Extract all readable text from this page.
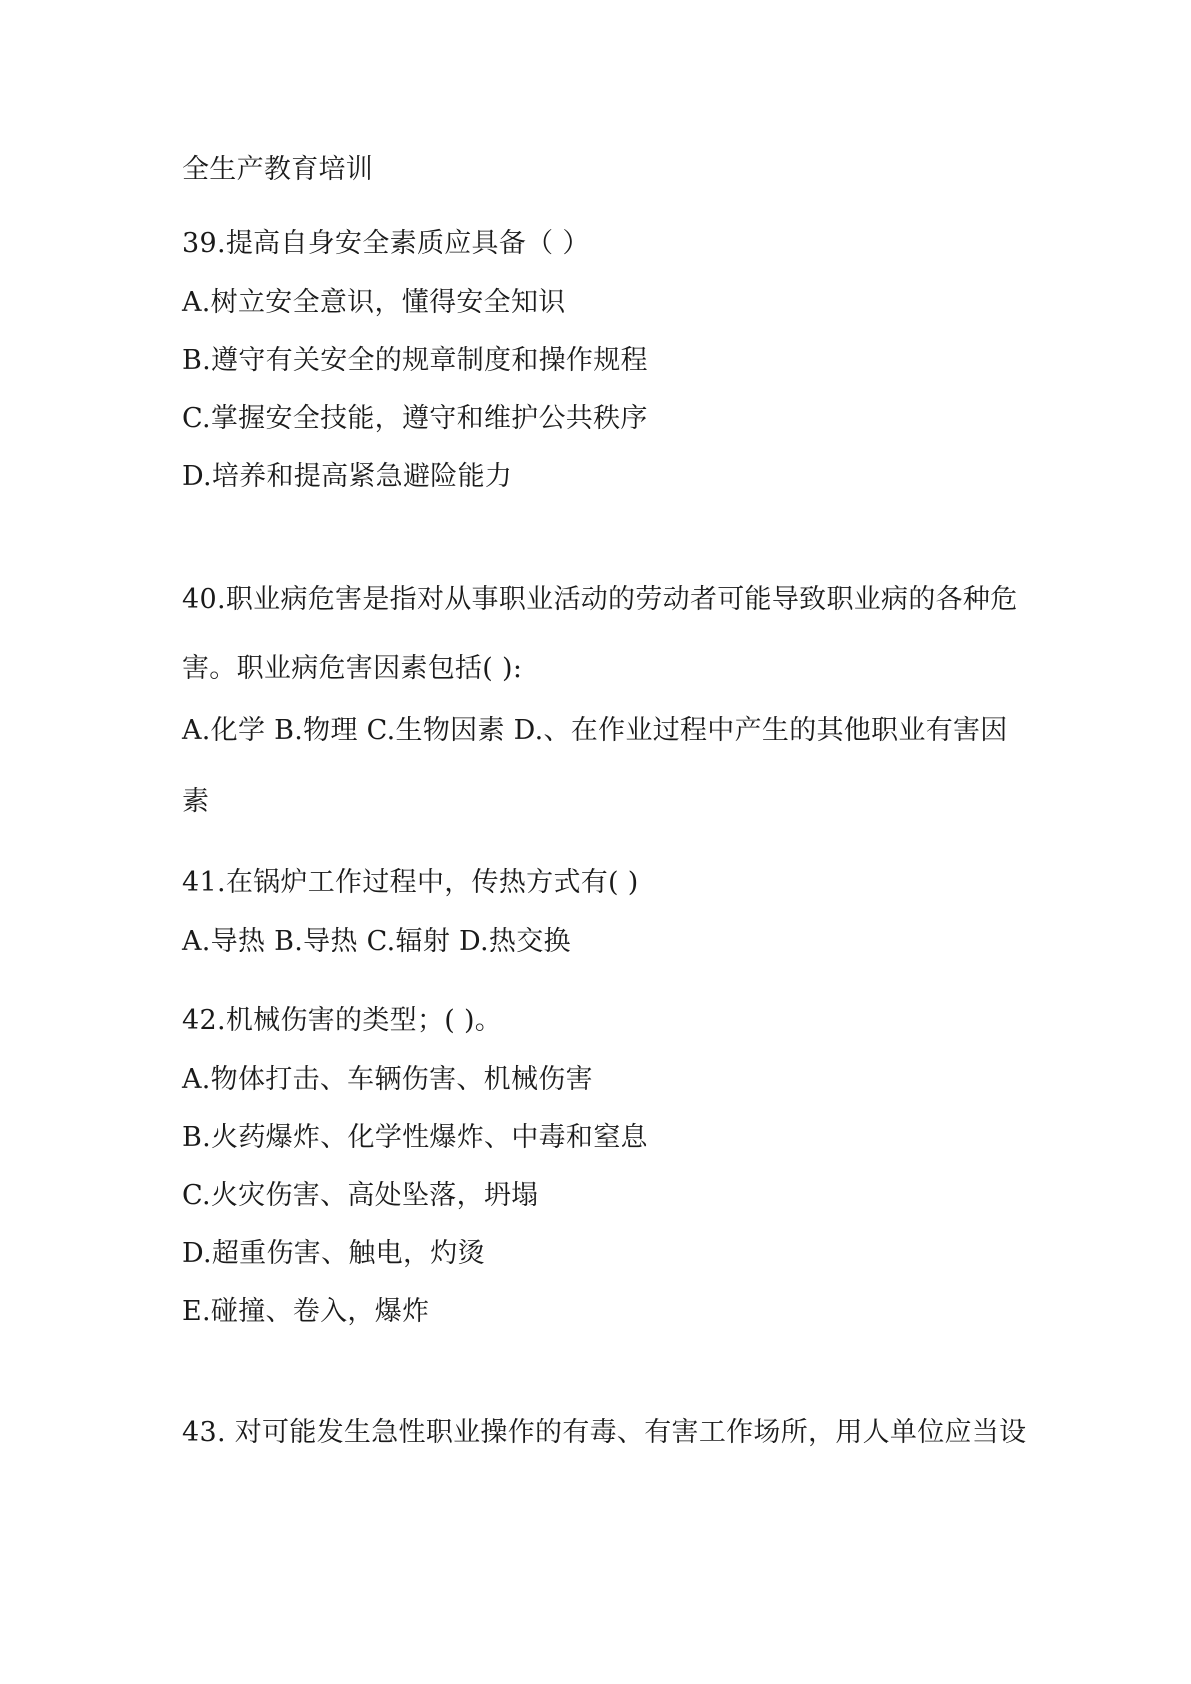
全生产教育培训
39.提高自身安全素质应具备（ ）
A.树立安全意识，懂得安全知识
B.遵守有关安全的规章制度和操作规程
C.掌握安全技能，遵守和维护公共秩序
D.培养和提高紧急避险能力
40.职业病危害是指对从事职业活动的劳动者可能导致职业病的各种危
害。职业病危害因素包括( ):
A.化学 B.物理 C.生物因素 D.、在作业过程中产生的其他职业有害因
素
41.在锅炉工作过程中，传热方式有( )
A.导热 B.导热 C.辐射 D.热交换
42.机械伤害的类型；( )。
A.物体打击、车辆伤害、机械伤害
B.火药爆炸、化学性爆炸、中毒和窒息
C.火灾伤害、高处坠落，坍塌
D.超重伤害、触电，灼烫
E.碰撞、卷入，爆炸
43. 对可能发生急性职业操作的有毒、有害工作场所，用人单位应当设
